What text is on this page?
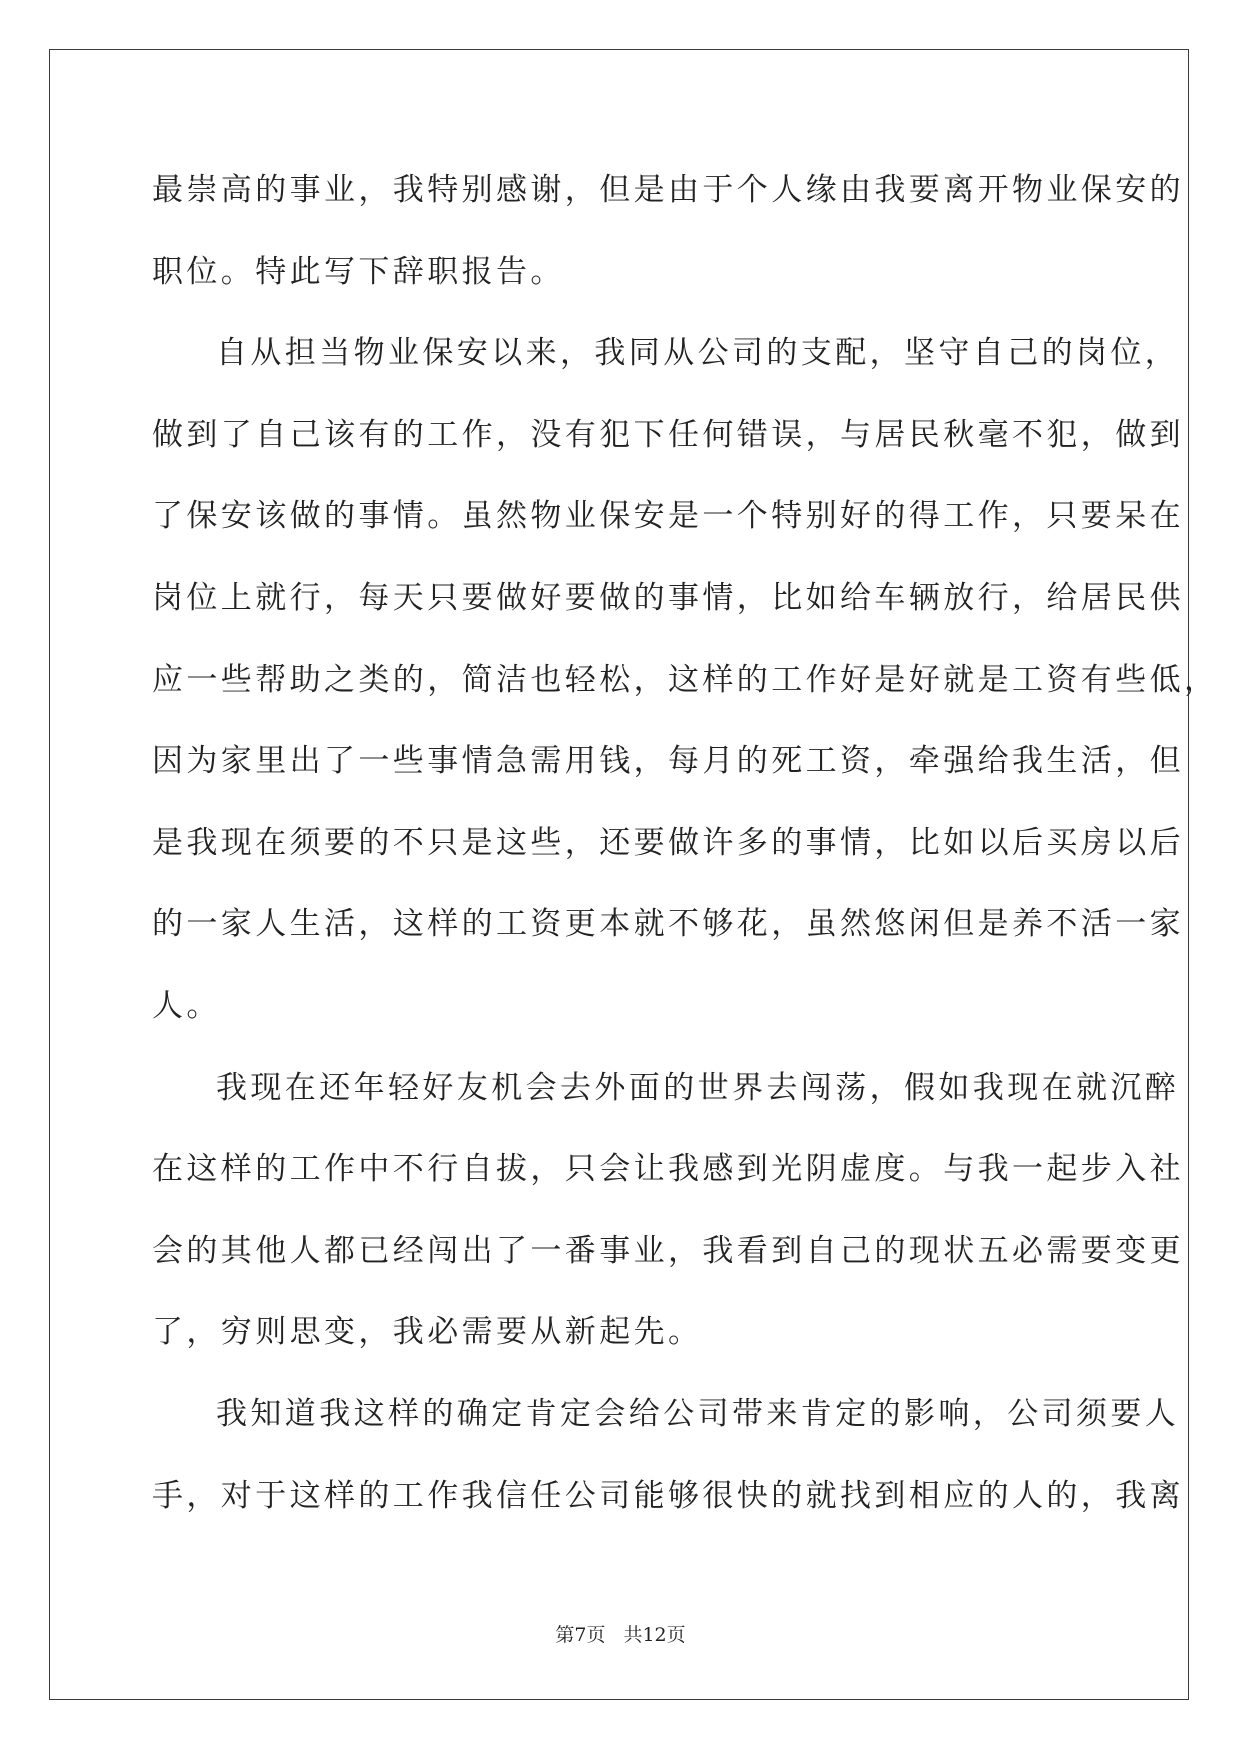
最崇高的事业，我特别感谢，但是由于个人缘由我要离开物业保安的
职位。特此写下辞职报告。
自从担当物业保安以来，我同从公司的支配，坚守自己的岗位，
做到了自己该有的工作，没有犯下任何错误，与居民秋毫不犯，做到
了保安该做的事情。虽然物业保安是一个特别好的得工作，只要呆在
岗位上就行，每天只要做好要做的事情，比如给车辆放行，给居民供
应一些帮助之类的，简洁也轻松，这样的工作好是好就是工资有些低，
因为家里出了一些事情急需用钱，每月的死工资，牵强给我生活，但
是我现在须要的不只是这些，还要做许多的事情，比如以后买房以后
的一家人生活，这样的工资更本就不够花，虽然悠闲但是养不活一家
人。
我现在还年轻好友机会去外面的世界去闯荡，假如我现在就沉醉
在这样的工作中不行自拔，只会让我感到光阴虚度。与我一起步入社
会的其他人都已经闯出了一番事业，我看到自己的现状五必需要变更
了，穷则思变，我必需要从新起先。
我知道我这样的确定肯定会给公司带来肯定的影响，公司须要人
手，对于这样的工作我信任公司能够很快的就找到相应的人的，我离
第7页 共12页
